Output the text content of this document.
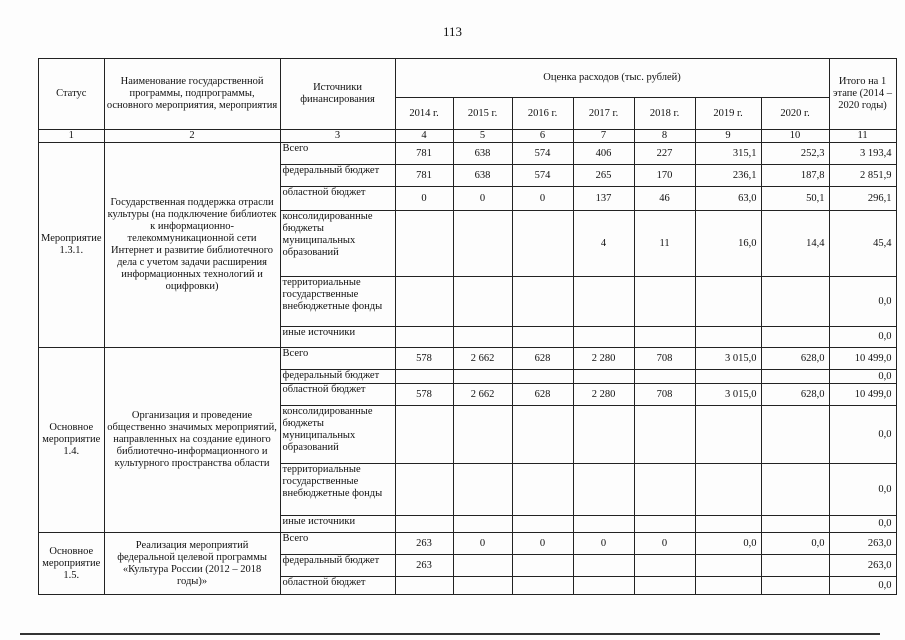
113
Статус	Наименование государственной программы, подпрограммы, основного мероприятия, мероприятия	Источники финансирования	Оценка расходов (тыс. рублей)							Итого на 1 этапе (2014 – 2020 годы)
			2014 г.	2015 г.	2016 г.	2017 г.	2018 г.	2019 г.	2020 г.	
1	2	3	4	5	6	7	8	9	10	11
Мероприятие 1.3.1.	Государственная поддержка отрасли культуры (на подключение библиотек к информационно-телекоммуникационной сети Интернет и развитие библиотечного дела с учетом задачи расширения информационных технологий и оцифровки)	Всего	781	638	574	406	227	315,1	252,3	3 193,4
		федеральный бюджет	781	638	574	265	170	236,1	187,8	2 851,9
		областной бюджет	0	0	0	137	46	63,0	50,1	296,1
		консолидированные бюджеты муниципальных образований				4	11	16,0	14,4	45,4
		территориальные государственные внебюджетные фонды								0,0
		иные источники								0,0
Основное мероприятие 1.4.	Организация и проведение общественно значимых мероприятий, направленных на создание единого библиотечно-информационного и культурного пространства области	Всего	578	2 662	628	2 280	708	3 015,0	628,0	10 499,0
		федеральный бюджет								0,0
		областной бюджет	578	2 662	628	2 280	708	3 015,0	628,0	10 499,0
		консолидированные бюджеты муниципальных образований								0,0
		территориальные государственные внебюджетные фонды								0,0
		иные источники								0,0
Основное мероприятие 1.5.	Реализация мероприятий федеральной целевой программы «Культура России (2012 – 2018 годы)»	Всего	263	0	0	0	0	0,0	0,0	263,0
		федеральный бюджет	263							263,0
		областной бюджет								0,0
